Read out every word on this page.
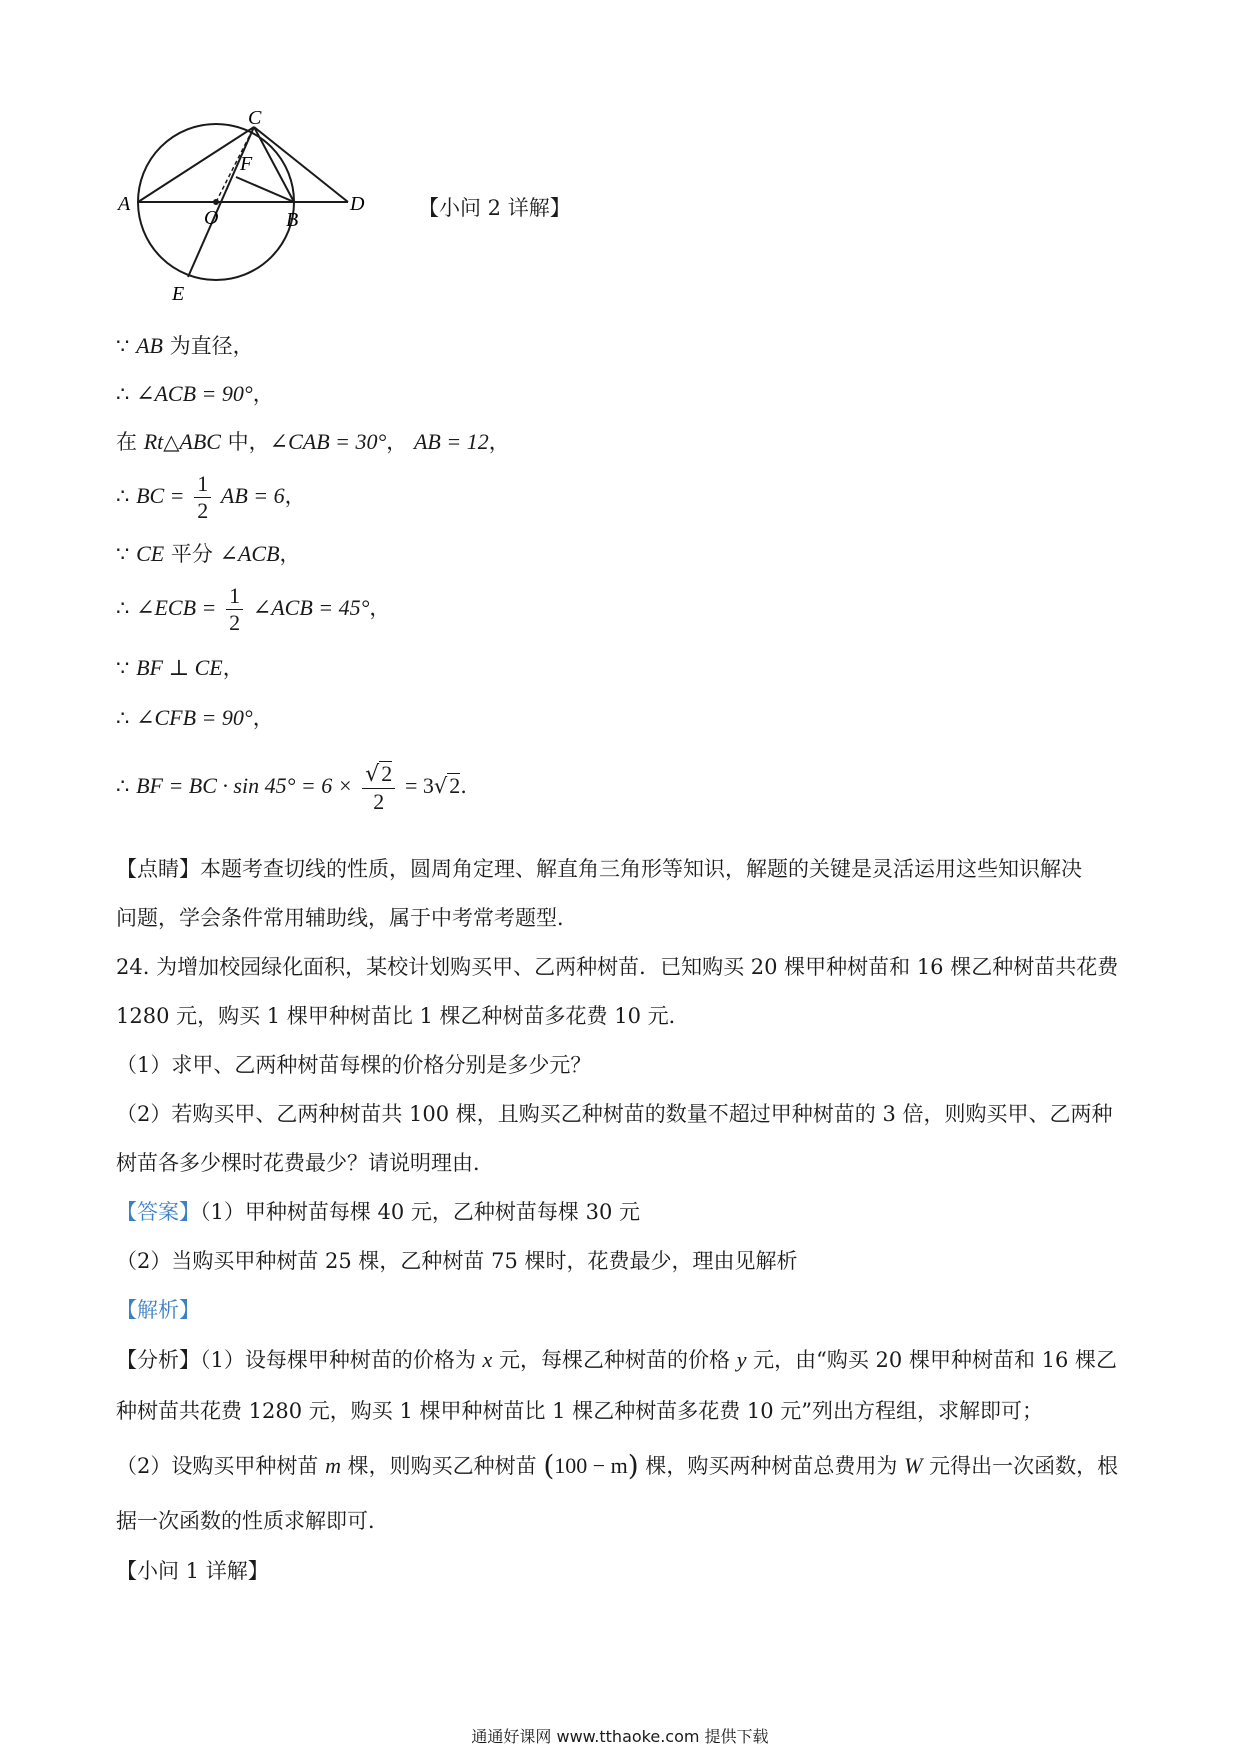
A
B
C
D
E
F
O	【小问 2 详解】
∵ AB 为直径，
∴ ∠ACB = 90°，
在 Rt△ABC 中，∠CAB = 30°， AB = 12，
∴ BC = $\frac{1}{2}$ AB = 6，
∵ CE 平分 ∠ACB，
∴ ∠ECB = $\frac{1}{2}$ ∠ACB = 45°，
∵ BF ⊥ CE，
∴ ∠CFB = 90°，
∴ BF = BC · $\sin 45^\circ = 6 \times \frac{√2}{2} = 3√2$.
【点睛】本题考查切线的性质，圆周角定理、解直角三角形等知识，解题的关键是灵活运用这些知识解决
问题，学会条件常用辅助线，属于中考常考题型．
24. 为增加校园绿化面积，某校计划购买甲、乙两种树苗．已知购买 20 棵甲种树苗和 16 棵乙种树苗共花费
1280 元，购买 1 棵甲种树苗比 1 棵乙种树苗多花费 10 元．
（1）求甲、乙两种树苗每棵的价格分别是多少元？
（2）若购买甲、乙两种树苗共 100 棵，且购买乙种树苗的数量不超过甲种树苗的 3 倍，则购买甲、乙两种
树苗各多少棵时花费最少？请说明理由．
【答案】（1）甲种树苗每棵 40 元，乙种树苗每棵 30 元
（2）当购买甲种树苗 25 棵，乙种树苗 75 棵时，花费最少，理由见解析
【解析】
【分析】（1）设每棵甲种树苗的价格为 x 元，每棵乙种树苗的价格 y 元，由“购买 20 棵甲种树苗和 16 棵乙
种树苗共花费 1280 元，购买 1 棵甲种树苗比 1 棵乙种树苗多花费 10 元”列出方程组，求解即可；
（2）设购买甲种树苗 m 棵，则购买乙种树苗 (100 − m) 棵，购买两种树苗总费用为 W 元得出一次函数，根
据一次函数的性质求解即可．
【小问 1 详解】
通通好课网 www.tthaoke.com 提供下载
